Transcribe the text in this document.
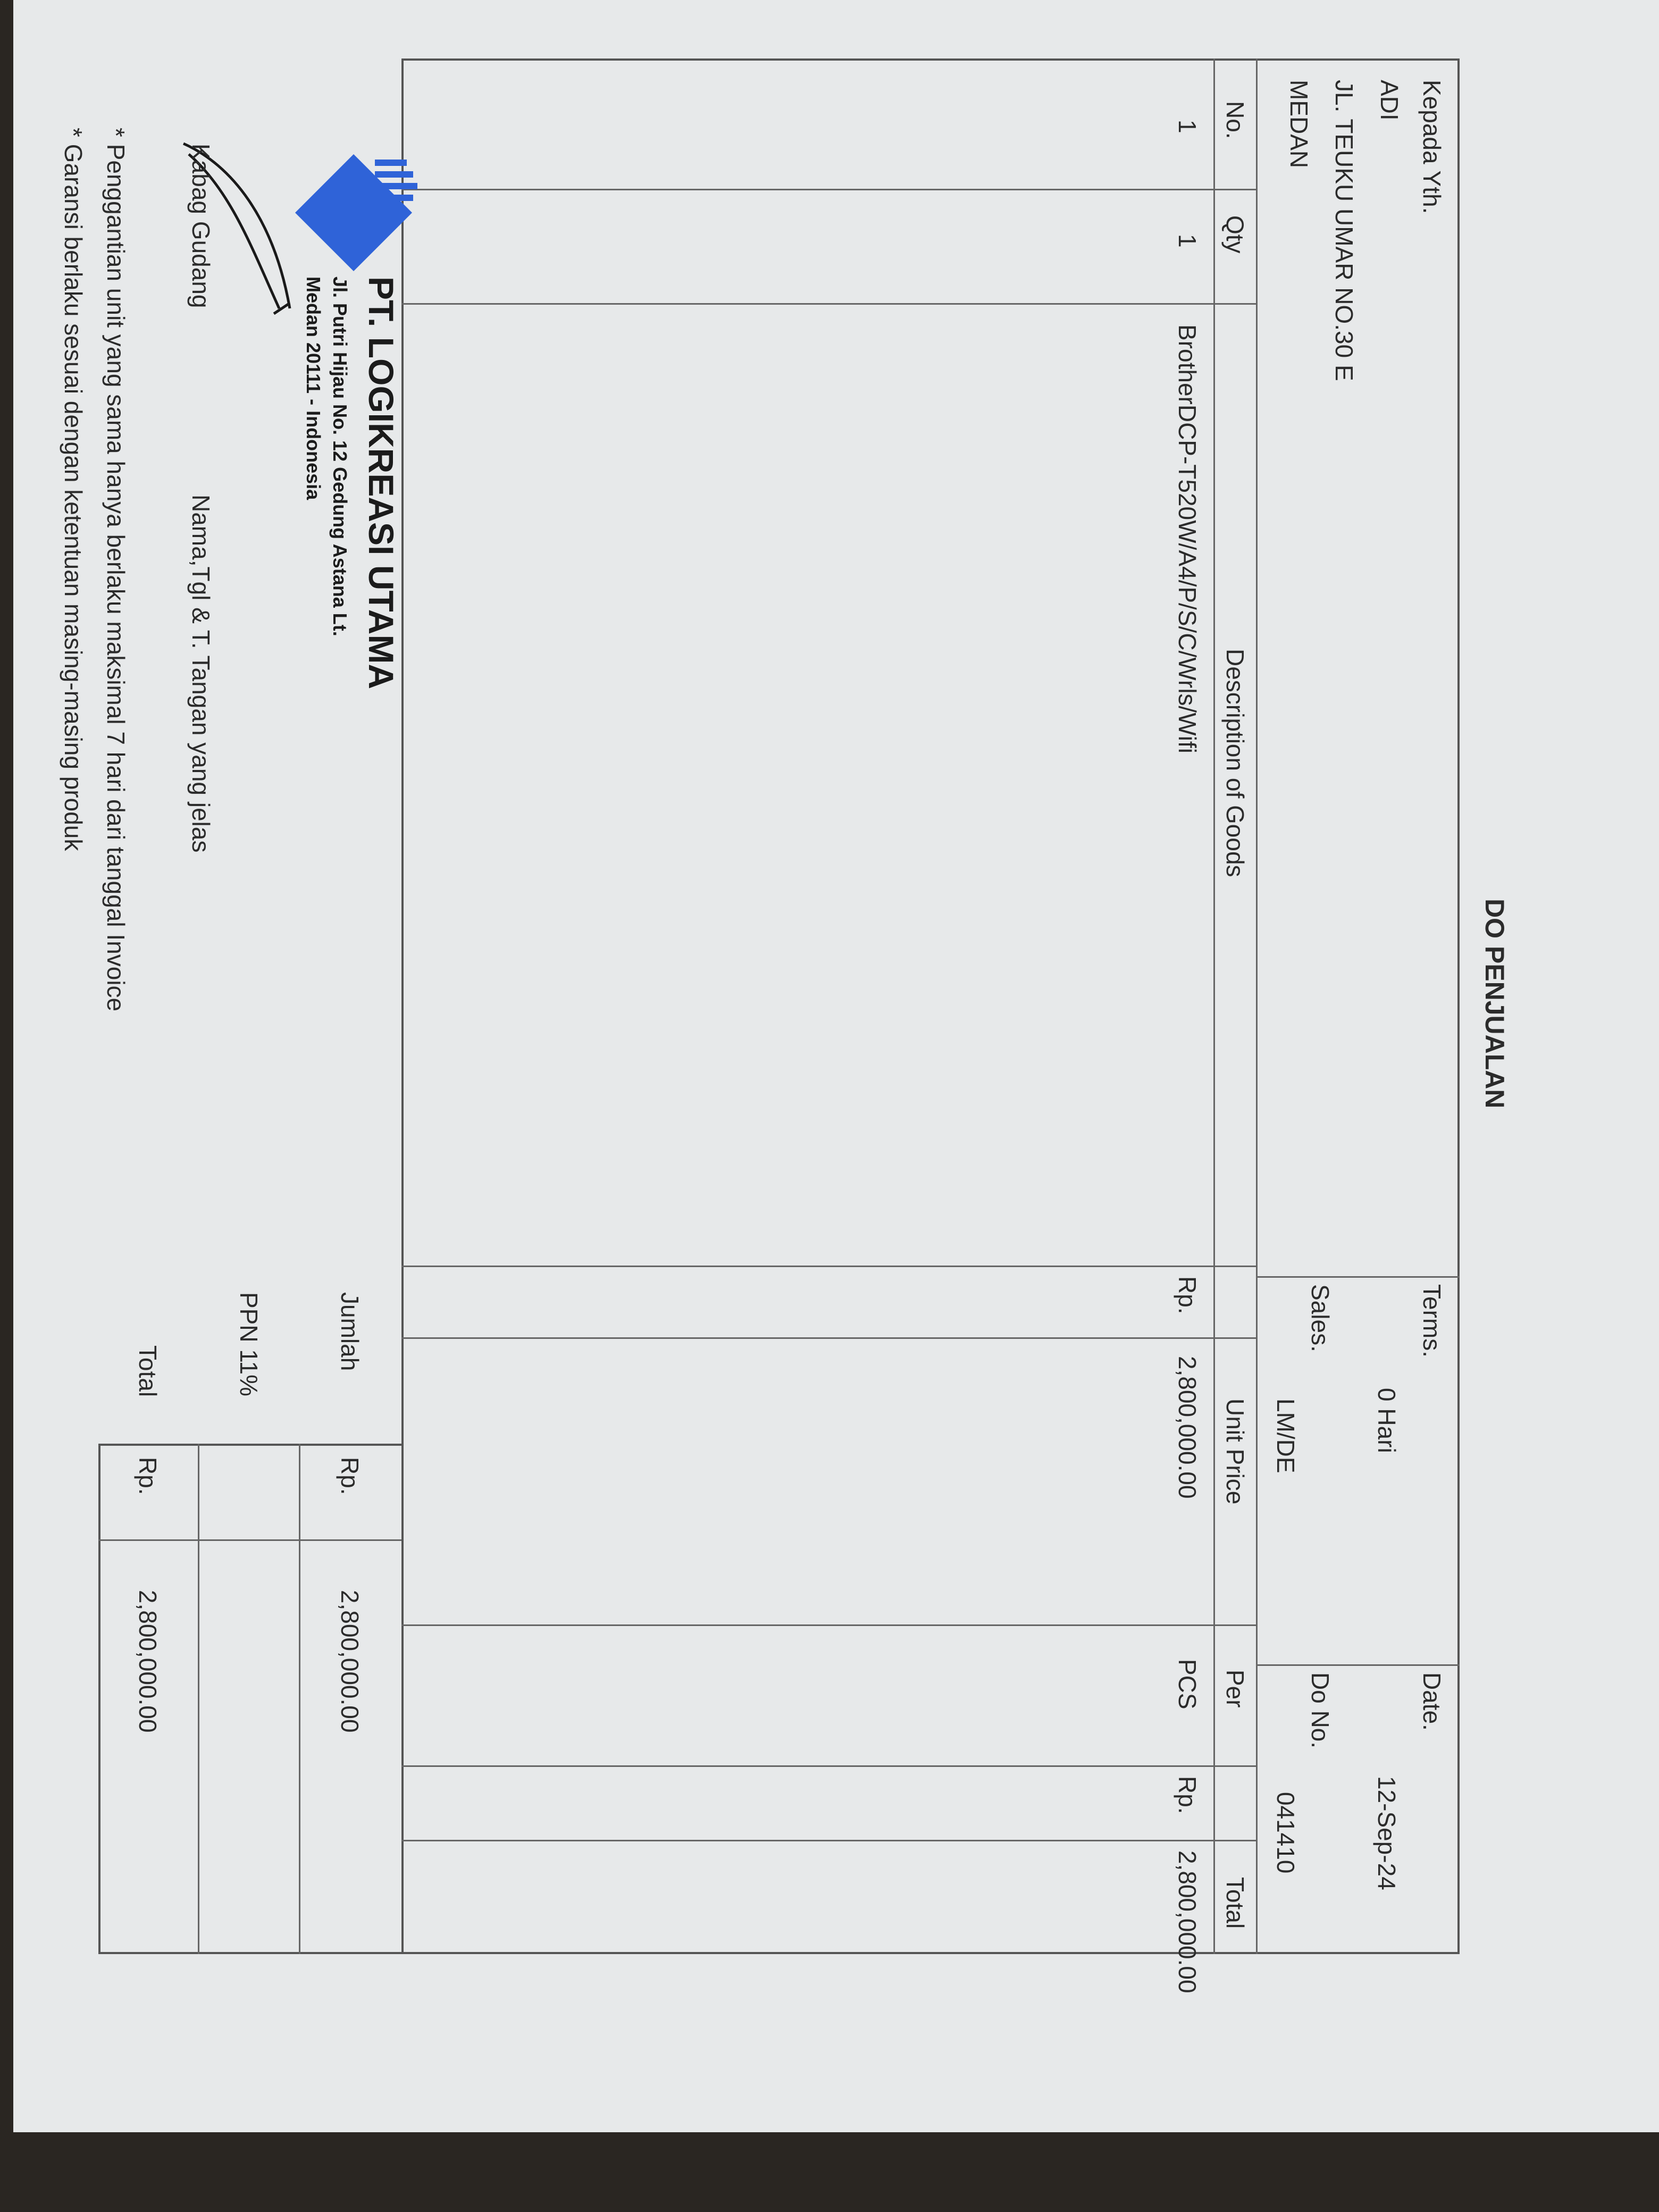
DO PENJUALAN
Kepada Yth.
ADI
JL. TEUKU UMAR NO.30 E
MEDAN
Terms.
0 Hari
Sales.
LM/DE
Date.
12-Sep-24
Do No.
041410
No.
Qty
Description of Goods
Unit Price
Per
Total
1
1
BrotherDCP-T520W/A4/P/S/C/Wrls/Wifi
Rp.
2,800,000.00
PCS
Rp.
2,800,000.00
Jumlah
Rp.
2,800,000.00
PPN 11%
Total
Rp.
2,800,000.00
PT. LOGIKREASI UTAMA
Jl. Putri Hijau No. 12 Gedung Astana Lt.
Medan 20111 - Indonesia
Kabag Gudang
Nama,Tgl & T. Tangan yang jelas
* Penggantian unit yang sama hanya berlaku maksimal 7 hari dari tanggal Invoice
* Garansi berlaku sesuai dengan ketentuan masing-masing produk
